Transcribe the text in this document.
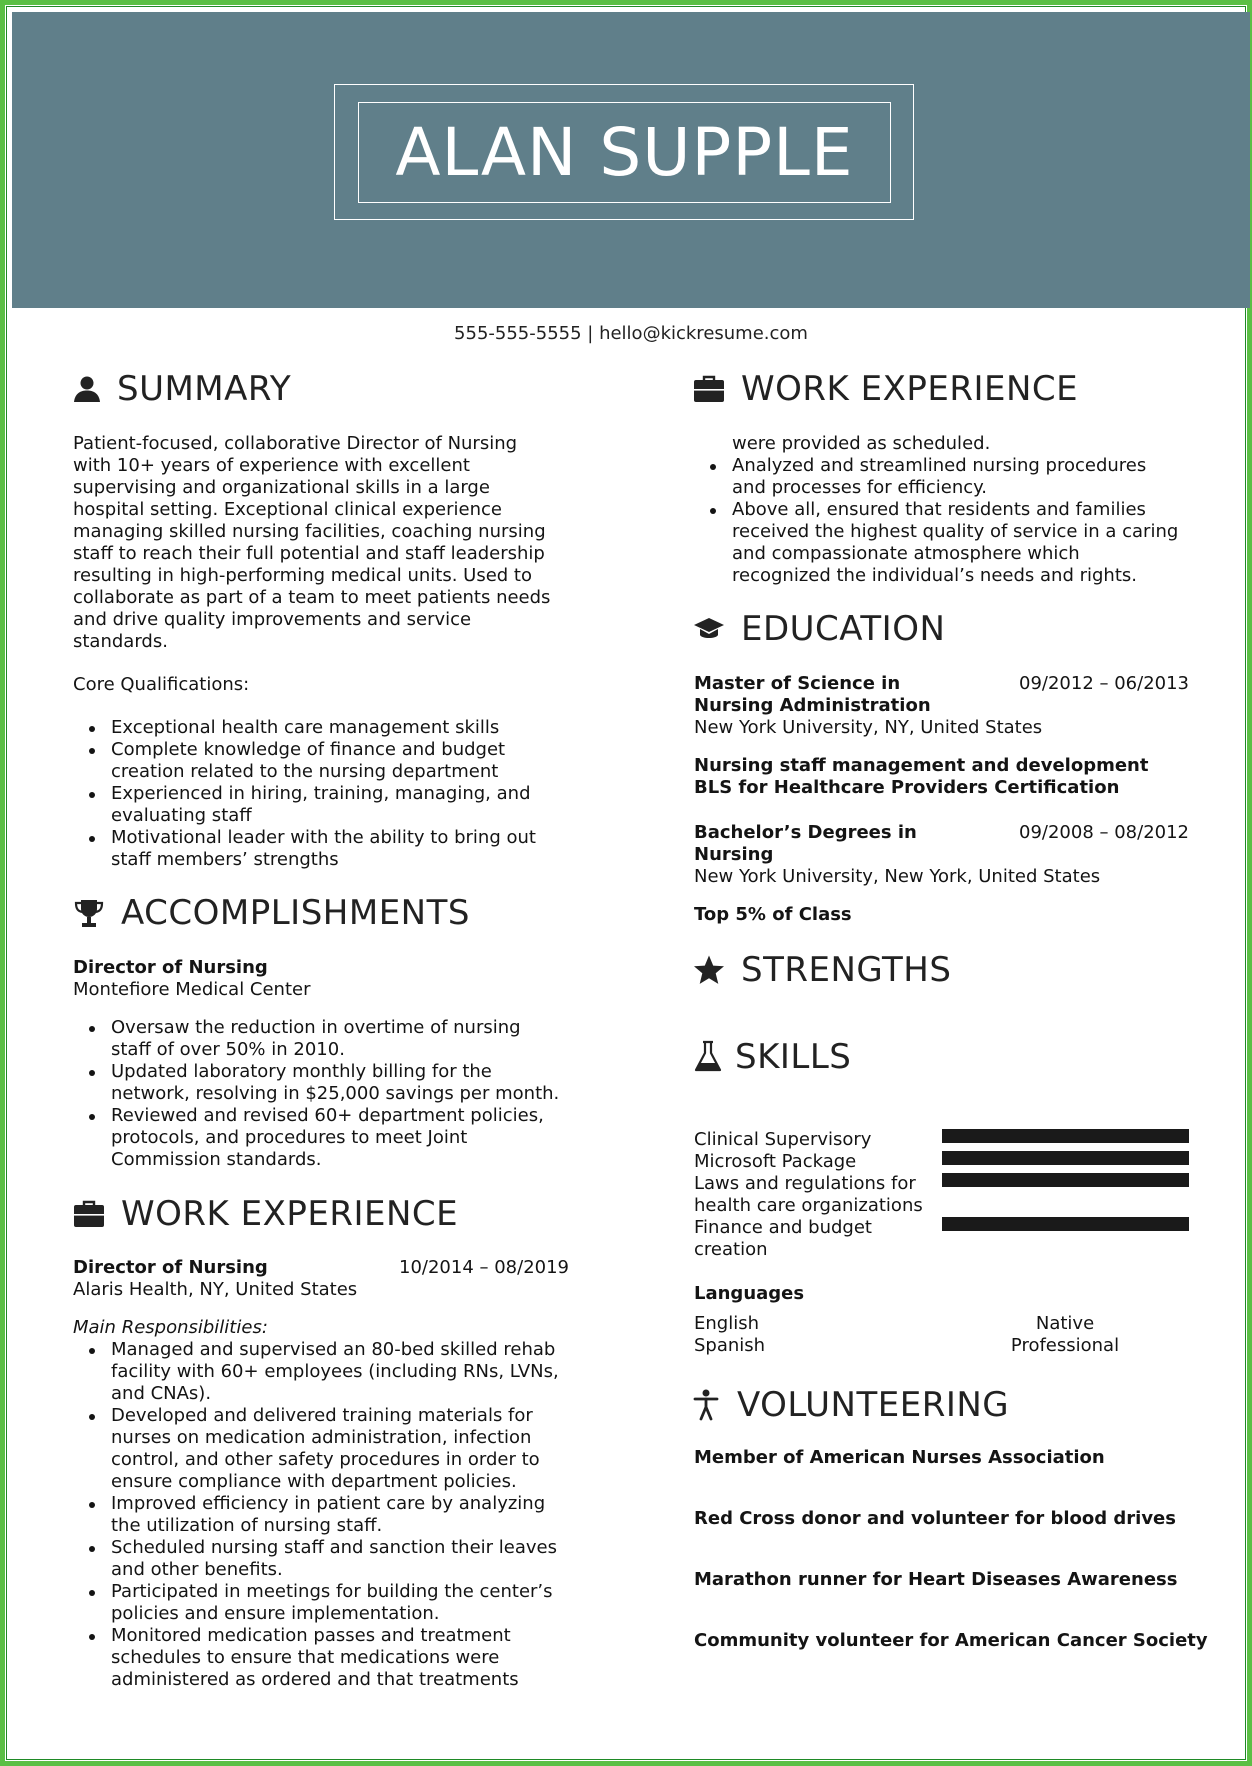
ALAN SUPPLE
555-555-5555 | hello@kickresume.com
SUMMARY
Patient-focused, collaborative Director of Nursing
with 10+ years of experience with excellent
supervising and organizational skills in a large
hospital setting. Exceptional clinical experience
managing skilled nursing facilities, coaching nursing
staff to reach their full potential and staff leadership
resulting in high-performing medical units. Used to
collaborate as part of a team to meet patients needs
and drive quality improvements and service
standards.
Core Qualifications:
Exceptional health care management skills
Complete knowledge of finance and budget
creation related to the nursing department
Experienced in hiring, training, managing, and
evaluating staff
Motivational leader with the ability to bring out
staff members’ strengths
ACCOMPLISHMENTS
Director of Nursing
Montefiore Medical Center
Oversaw the reduction in overtime of nursing
staff of over 50% in 2010.
Updated laboratory monthly billing for the
network, resolving in $25,000 savings per month.
Reviewed and revised 60+ department policies,
protocols, and procedures to meet Joint
Commission standards.
WORK EXPERIENCE
Director of Nursing	10/2014 – 08/2019
Alaris Health, NY, United States
Main Responsibilities:
Managed and supervised an 80-bed skilled rehab
facility with 60+ employees (including RNs, LVNs,
and CNAs).
Developed and delivered training materials for
nurses on medication administration, infection
control, and other safety procedures in order to
ensure compliance with department policies.
Improved efficiency in patient care by analyzing
the utilization of nursing staff.
Scheduled nursing staff and sanction their leaves
and other benefits.
Participated in meetings for building the center’s
policies and ensure implementation.
Monitored medication passes and treatment
schedules to ensure that medications were
administered as ordered and that treatments
WORK EXPERIENCE
were provided as scheduled.
Analyzed and streamlined nursing procedures
and processes for efficiency.
Above all, ensured that residents and families
received the highest quality of service in a caring
and compassionate atmosphere which
recognized the individual’s needs and rights.
EDUCATION
Master of Science in
Nursing Administration
09/2012 – 06/2013
New York University, NY, United States
Nursing staff management and development
BLS for Healthcare Providers Certification
Bachelor’s Degrees in
Nursing
09/2008 – 08/2012
New York University, New York, United States
Top 5% of Class
STRENGTHS
SKILLS
Clinical Supervisory
Microsoft Package
Laws and regulations for
health care organizations
Finance and budget
creation
Languages
English	Native
Spanish	Professional
VOLUNTEERING
Member of American Nurses Association
Red Cross donor and volunteer for blood drives
Marathon runner for Heart Diseases Awareness
Community volunteer for American Cancer Society
